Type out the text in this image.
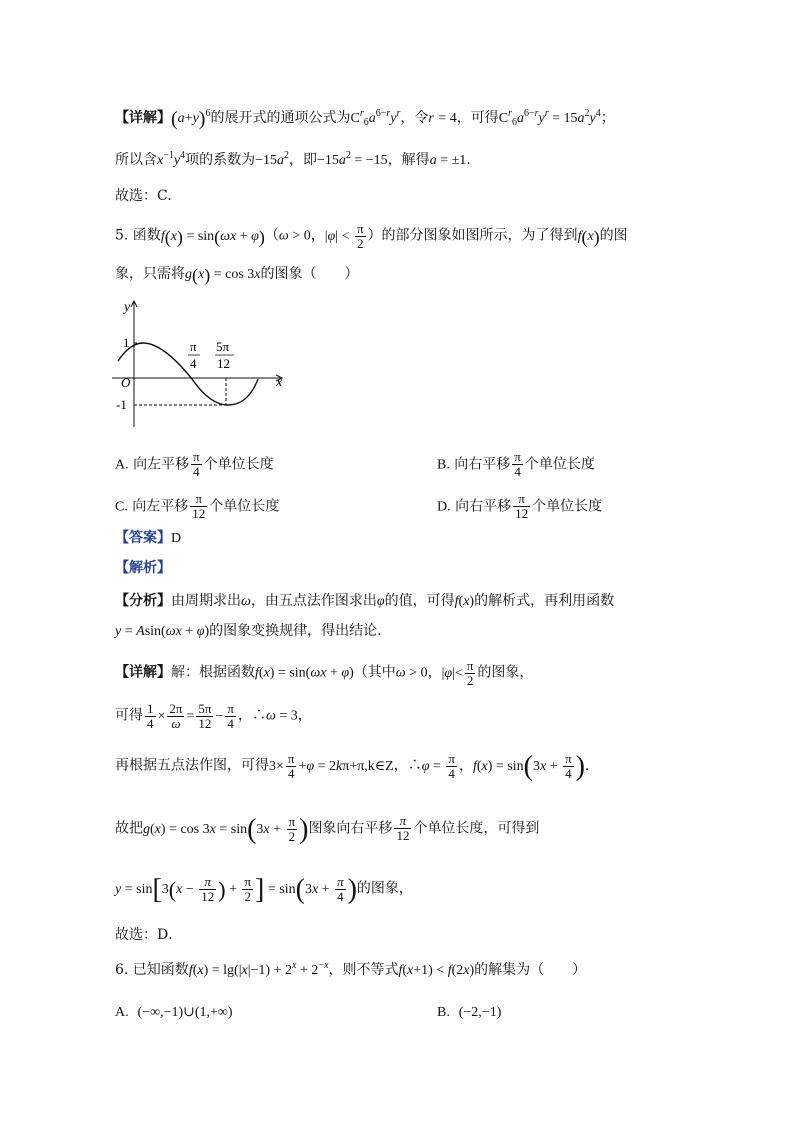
【详解】$(a+y)^6$的展开式的通项公式为$C^r_6a^{6-r}y^r$，令r = 4，可得$C^r_6a^{6-r}y^r = 15a^2y^4$；
所以含$x^{-1}y^4$项的系数为$-15a^2$，即$-15a^2 = -15$，解得a = ±1.
故选：C.
5. 函数f(x) = sin(ωx + φ)（ω > 0，$|\varphi| < \frac{\pi}{2}$ ）的部分图象如图所示，为了得到f(x)的图
象，只需将g(x) = cos 3x的图象（　　）
y
x
O
1
-1
π
4
5π
12
A. 向左平移 $\frac{\pi}{4}$ 个单位长度	B. 向右平移 $\frac{\pi}{4}$ 个单位长度
C. 向左平移 $\frac{\pi}{12}$ 个单位长度	D. 向右平移 $\frac{\pi}{12}$ 个单位长度
【答案】D
【解析】
【分析】由周期求出ω，由五点法作图求出φ的值，可得f(x)的解析式，再利用函数
y = Asin(ωx + φ)的图象变换规律，得出结论．
【详解】解：根据函数f(x) = sin(ωx + φ)（其中ω > 0，$|\varphi|< \frac{\pi}{2}$ 的图象，
可得 $\frac{1}{4} \times \frac{2\pi}{\omega} = \frac{5\pi}{12} - \frac{\pi}{4}$ ，∴ω = 3，
再根据五点法作图，可得$3\times \frac{\pi}{4} +\varphi$ = 2kπ+π,k∈Z，∴φ = $\frac{\pi}{4}$ ，$f(x) = \sin(3x + \frac{\pi}{4}$ )．
故把$g(x) = \cos 3x = \sin(3x + \frac{\pi}{2}$ )图象向右平移 $\frac{\pi}{12}$ 个单位长度，可得到
$y = \sin[3(x - \frac{\pi}{12}$ ) + $\frac{\pi}{2}$ ] = $\sin(3x + \frac{\pi}{4}$ )的图象，
故选：D．
6. 已知函数$f(x) = \lg(|x|-1) + 2^x + 2^{-x}$，则不等式f(x+1) < f(2x)的解集为（　　）
A. (−∞,−1)∪(1,+∞)	B. (−2,−1)
